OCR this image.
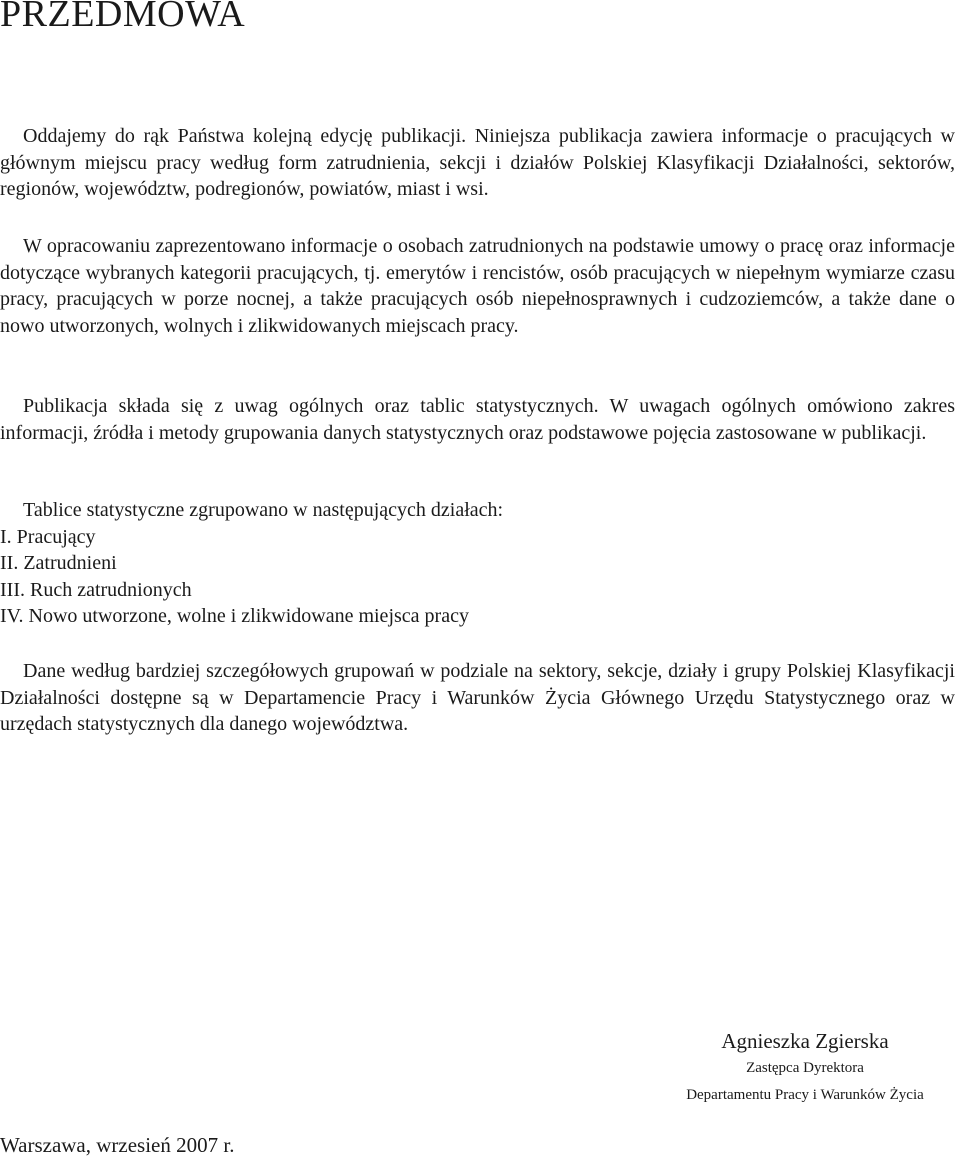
PRZEDMOWA

Oddajemy do rąk Państwa kolejną edycję publikacji. Niniejsza publikacja zawiera informacje o pracujących w głównym miejscu pracy według form zatrudnienia, sekcji i działów Polskiej Klasyfikacji Działalności, sektorów, regionów, województw, podregionów, powiatów, miast i wsi.

W opracowaniu zaprezentowano informacje o osobach zatrudnionych na podstawie umowy o pracę oraz informacje dotyczące wybranych kategorii pracujących, tj. emerytów i rencistów, osób pracujących w niepełnym wymiarze czasu pracy, pracujących w porze nocnej, a także pracujących osób niepełnosprawnych i cudzoziemców, a także dane o nowo utworzonych, wolnych i zlikwidowanych miejscach pracy.

Publikacja składa się z uwag ogólnych oraz tablic statystycznych. W uwagach ogólnych omówiono zakres informacji, źródła i metody grupowania danych statystycznych oraz podstawowe pojęcia zastosowane w publikacji.

Tablice statystyczne zgrupowano w następujących działach:
I. Pracujący
II. Zatrudnieni
III. Ruch zatrudnionych
IV. Nowo utworzone, wolne i zlikwidowane miejsca pracy

Dane według bardziej szczegółowych grupowań w podziale na sektory, sekcje, działy i grupy Polskiej Klasyfikacji Działalności dostępne są w Departamencie Pracy i Warunków Życia Głównego Urzędu Statystycznego oraz w urzędach statystycznych dla danego województwa.

Agnieszka Zgierska

Zastępca Dyrektora

Departamentu Pracy i Warunków Życia

Warszawa, wrzesień 2007 r.
